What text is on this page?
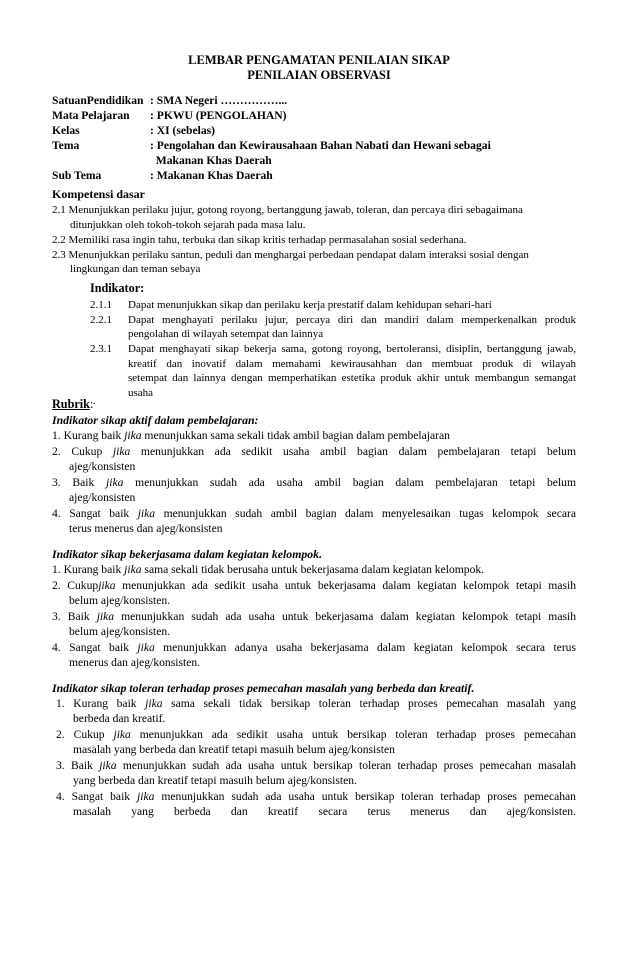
LEMBAR PENGAMATAN PENILAIAN SIKAP
PENILAIAN OBSERVASI
SatuanPendidikan : SMA Negeri ……………...
Mata Pelajaran : PKWU (PENGOLAHAN)
Kelas	: XI (sebelas)
Tema	: Pengolahan dan Kewirausahaan Bahan Nabati dan Hewani sebagai
Makanan Khas Daerah
Sub Tema	: Makanan Khas Daerah
Kompetensi dasar
2.1 Menunjukkan perilaku jujur, gotong royong, bertanggung jawab, toleran, dan percaya diri sebagaimana
ditunjukkan oleh tokoh-tokoh sejarah pada masa lalu.
2.2 Memiliki rasa ingin tahu, terbuka dan sikap kritis terhadap permasalahan sosial sederhana.
2.3 Menunjukkan perilaku santun, peduli dan menghargai perbedaan pendapat dalam interaksi sosial dengan
lingkungan dan teman sebaya
Indikator:
2.1.1 Dapat menunjukkan sikap dan perilaku kerja prestatif dalam kehidupan sehari-hari
2.2.1 Dapat menghayati perilaku jujur, percaya diri dan mandiri dalam memperkenalkan produk
pengolahan di wilayah setempat dan lainnya
2.3.1 Dapat menghayati sikap bekerja sama, gotong royong, bertoleransi, disiplin, bertanggung jawab,
kreatif dan inovatif dalam memahami kewirausahhan dan membuat produk di wilayah
setempat dan lainnya dengan memperhatikan estetika produk akhir untuk membangun semangat
usaha
.
Rubrik:
Indikator sikap aktif dalam pembelajaran:
1. Kurang baik jika menunjukkan sama sekali tidak ambil bagian dalam pembelajaran
2. Cukup jika menunjukkan ada sedikit usaha ambil bagian dalam pembelajaran tetapi belum
ajeg/konsisten
3. Baik jika menunjukkan sudah ada usaha ambil bagian dalam pembelajaran tetapi belum
ajeg/konsisten
4. Sangat baik jika menunjukkan sudah ambil bagian dalam menyelesaikan tugas kelompok secara
terus menerus dan ajeg/konsisten
Indikator sikap bekerjasama dalam kegiatan kelompok.
1. Kurang baik jika sama sekali tidak berusaha untuk bekerjasama dalam kegiatan kelompok.
2. Cukupjika menunjukkan ada sedikit usaha untuk bekerjasama dalam kegiatan kelompok tetapi masih
belum ajeg/konsisten.
3. Baik jika menunjukkan sudah ada usaha untuk bekerjasama dalam kegiatan kelompok tetapi masih
belum ajeg/konsisten.
4. Sangat baik jika menunjukkan adanya usaha bekerjasama dalam kegiatan kelompok secara terus
menerus dan ajeg/konsisten.
Indikator sikap toleran terhadap proses pemecahan masalah yang berbeda dan kreatif.
1. Kurang baik jika sama sekali tidak bersikap toleran terhadap proses pemecahan masalah yang
berbeda dan kreatif.
2. Cukup jika menunjukkan ada sedikit usaha untuk bersikap toleran terhadap proses pemecahan
masalah yang berbeda dan kreatif tetapi masuih belum ajeg/konsisten
3. Baik jika menunjukkan sudah ada usaha untuk bersikap toleran terhadap proses pemecahan masalah
yang berbeda dan kreatif tetapi masuih belum ajeg/konsisten.
4. Sangat baik jika menunjukkan sudah ada usaha untuk bersikap toleran terhadap proses pemecahan
masalah yang berbeda dan kreatif secara terus menerus dan ajeg/konsisten.
